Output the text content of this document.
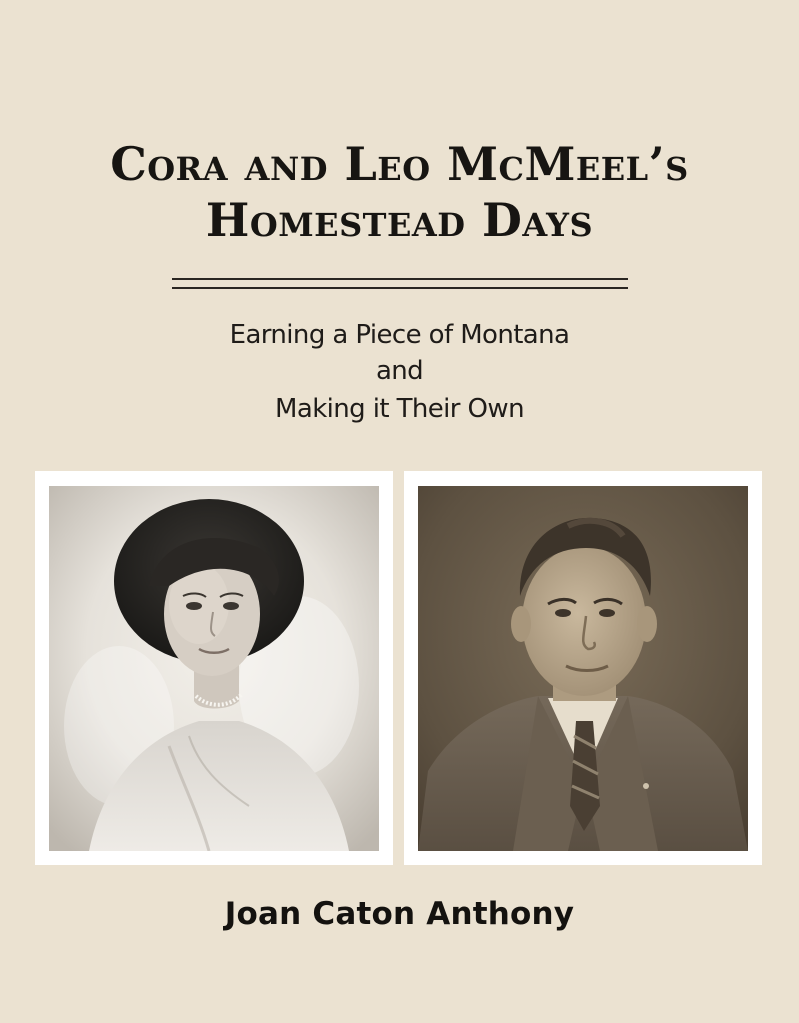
Cora and Leo McMeel’s
Homestead Days
Earning a Piece of Montana
and
Making it Their Own
Joan Caton Anthony
